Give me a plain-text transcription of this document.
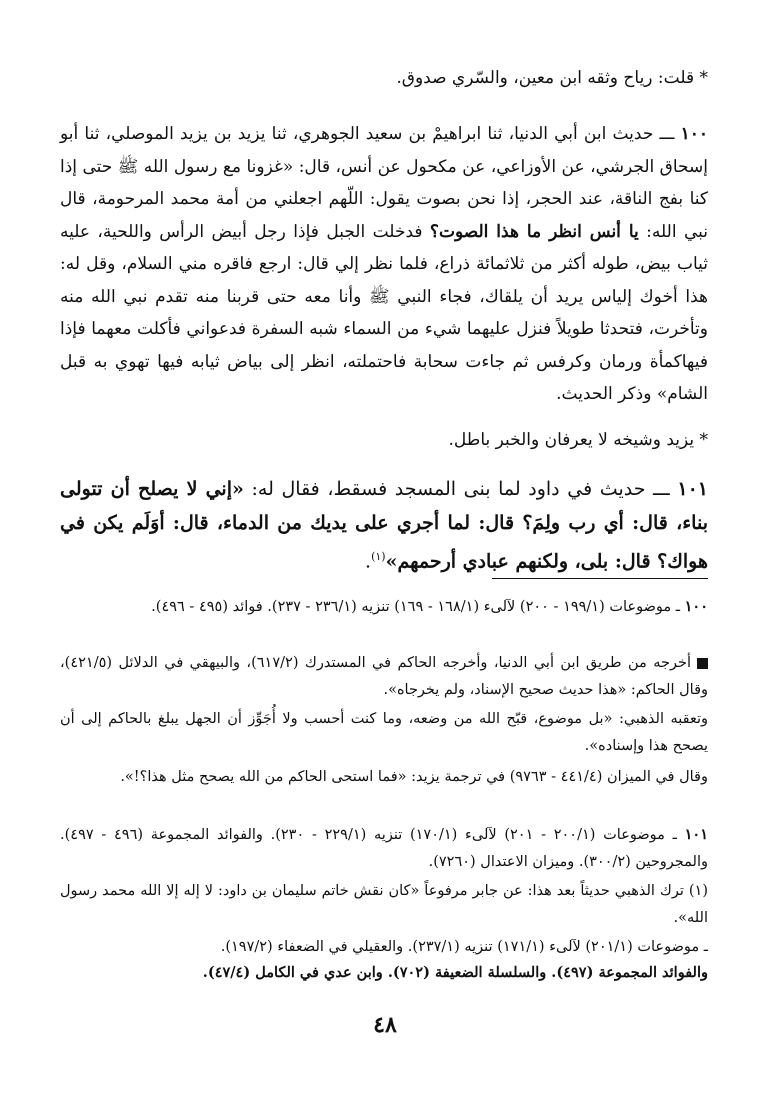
* قلت: رياح وثقه ابن معين، والسّري صدوق.
١٠٠ ـــ حديث ابن أبي الدنيا، ثنا ابراهيمْ بن سعيد الجوهري، ثنا يزيد بن يزيد الموصلي، ثنا أبو إسحاق الجرشي، عن الأوزاعي، عن مكحول عن أنس، قال: «غزونا مع رسول الله ﷺ حتى إذا كنا بفج الناقة، عند الحجر، إذا نحن بصوت يقول: اللّهم اجعلني من أمة محمد المرحومة، قال نبي الله: يا أنس انظر ما هذا الصوت؟ فدخلت الجبل فإذا رجل أبيض الرأس واللحية، عليه ثياب بيض، طوله أكثر من ثلاثمائة ذراع، فلما نظر إلي قال: ارجع فاقره مني السلام، وقل له: هذا أخوك إلياس يريد أن يلقاك، فجاء النبي ﷺ وأنا معه حتى قربنا منه تقدم نبي الله منه وتأخرت، فتحدثا طويلاً فنزل عليهما شيء من السماء شبه السفرة فدعواني فأكلت معهما فإذا فيهاكمأة ورمان وكرفس ثم جاءت سحابة فاحتملته، انظر إلى بياض ثيابه فيها تهوي به قبل الشام» وذكر الحديث.
* يزيد وشيخه لا يعرفان والخبر باطل.
١٠١ ـــ حديث في داود لما بنى المسجد فسقط، فقال له: «إني لا يصلح أن تتولى بناء، قال: أي رب ولِمَ؟ قال: لما أجري على يديك من الدماء، قال: أوَلَم يكن في هواك؟ قال: بلى، ولكنهم عبادي أرحمهم»$^{(١)}$.
١٠٠ ـ موضوعات (١٩٩/١ - ٢٠٠) لآلىء (١٦٨/١ - ١٦٩) تنزيه (٢٣٦/١ - ٢٣٧). فوائد (٤٩٥ - ٤٩٦).
أخرجه من طريق ابن أبي الدنيا، وأخرجه الحاكم في المستدرك (٦١٧/٢)، والبيهقي في الدلائل (٤٢١/٥)، وقال الحاكم: «هذا حديث صحيح الإسناد، ولم يخرجاه».
وتعقبه الذهبي: «بل موضوع، قبّح الله من وضعه، وما كنت أحسب ولا أُجَوِّز أن الجهل يبلغ بالحاكم إلى أن يصحح هذا وإسناده».
وقال في الميزان (٤٤١/٤ - ٩٧٦٣) في ترجمة يزيد: «فما استحى الحاكم من الله يصحح مثل هذا؟!».
١٠١ ـ موضوعات (٢٠٠/١ - ٢٠١) لآلىء (١٧٠/١) تنزيه (٢٢٩/١ - ٢٣٠). والفوائد المجموعة (٤٩٦ - ٤٩٧). والمجروحين (٣٠٠/٢). وميزان الاعتدال (٧٢٦٠).
(١) ترك الذهبي حديثاً بعد هذا: عن جابر مرفوعاً «كان نقش خاتم سليمان بن داود: لا إله إلا الله محمد رسول الله».
ـ موضوعات (٢٠١/١) لآلىء (١٧١/١) تنزيه (٢٣٧/١). والعقيلي في الضعفاء (١٩٧/٢).
والفوائد المجموعة (٤٩٧). والسلسلة الضعيفة (٧٠٢). وابن عدي في الكامل (٤٧/٤).
٤٨
